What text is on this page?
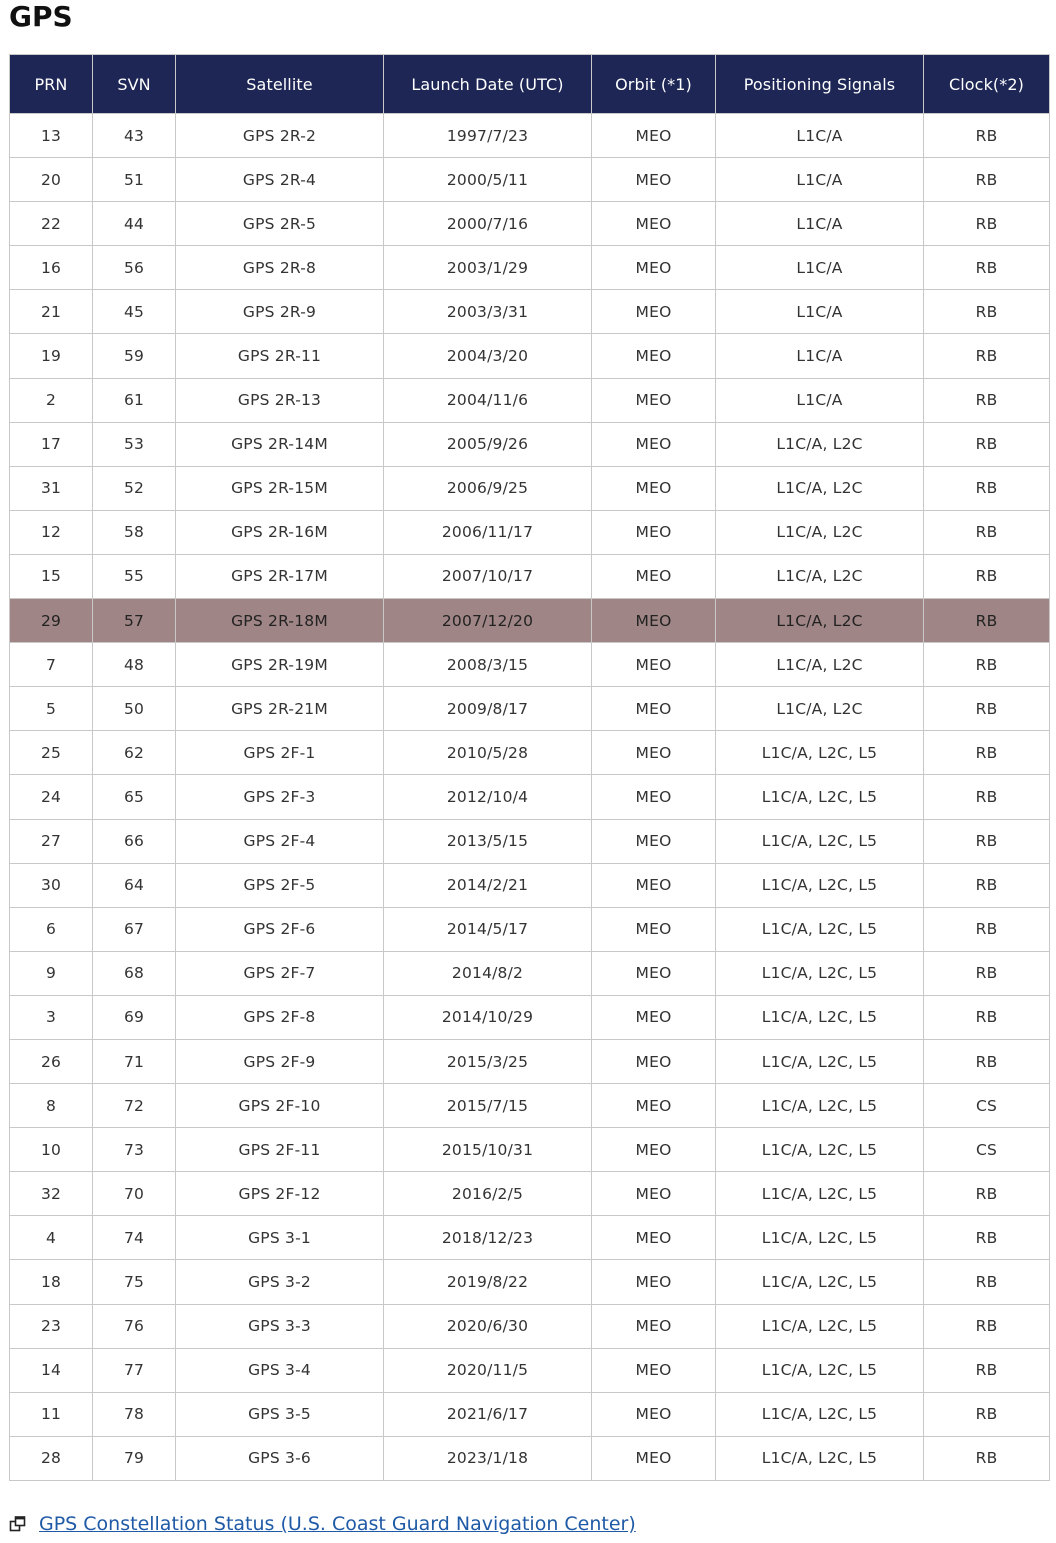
GPS
PRN	SVN	Satellite	Launch Date (UTC)	Orbit (*1)	Positioning Signals	Clock(*2)
13	43	GPS 2R-2	1997/7/23	MEO	L1C/A	RB
20	51	GPS 2R-4	2000/5/11	MEO	L1C/A	RB
22	44	GPS 2R-5	2000/7/16	MEO	L1C/A	RB
16	56	GPS 2R-8	2003/1/29	MEO	L1C/A	RB
21	45	GPS 2R-9	2003/3/31	MEO	L1C/A	RB
19	59	GPS 2R-11	2004/3/20	MEO	L1C/A	RB
2	61	GPS 2R-13	2004/11/6	MEO	L1C/A	RB
17	53	GPS 2R-14M	2005/9/26	MEO	L1C/A, L2C	RB
31	52	GPS 2R-15M	2006/9/25	MEO	L1C/A, L2C	RB
12	58	GPS 2R-16M	2006/11/17	MEO	L1C/A, L2C	RB
15	55	GPS 2R-17M	2007/10/17	MEO	L1C/A, L2C	RB
29	57	GPS 2R-18M	2007/12/20	MEO	L1C/A, L2C	RB
7	48	GPS 2R-19M	2008/3/15	MEO	L1C/A, L2C	RB
5	50	GPS 2R-21M	2009/8/17	MEO	L1C/A, L2C	RB
25	62	GPS 2F-1	2010/5/28	MEO	L1C/A, L2C, L5	RB
24	65	GPS 2F-3	2012/10/4	MEO	L1C/A, L2C, L5	RB
27	66	GPS 2F-4	2013/5/15	MEO	L1C/A, L2C, L5	RB
30	64	GPS 2F-5	2014/2/21	MEO	L1C/A, L2C, L5	RB
6	67	GPS 2F-6	2014/5/17	MEO	L1C/A, L2C, L5	RB
9	68	GPS 2F-7	2014/8/2	MEO	L1C/A, L2C, L5	RB
3	69	GPS 2F-8	2014/10/29	MEO	L1C/A, L2C, L5	RB
26	71	GPS 2F-9	2015/3/25	MEO	L1C/A, L2C, L5	RB
8	72	GPS 2F-10	2015/7/15	MEO	L1C/A, L2C, L5	CS
10	73	GPS 2F-11	2015/10/31	MEO	L1C/A, L2C, L5	CS
32	70	GPS 2F-12	2016/2/5	MEO	L1C/A, L2C, L5	RB
4	74	GPS 3-1	2018/12/23	MEO	L1C/A, L2C, L5	RB
18	75	GPS 3-2	2019/8/22	MEO	L1C/A, L2C, L5	RB
23	76	GPS 3-3	2020/6/30	MEO	L1C/A, L2C, L5	RB
14	77	GPS 3-4	2020/11/5	MEO	L1C/A, L2C, L5	RB
11	78	GPS 3-5	2021/6/17	MEO	L1C/A, L2C, L5	RB
28	79	GPS 3-6	2023/1/18	MEO	L1C/A, L2C, L5	RB
GPS Constellation Status (U.S. Coast Guard Navigation Center)
